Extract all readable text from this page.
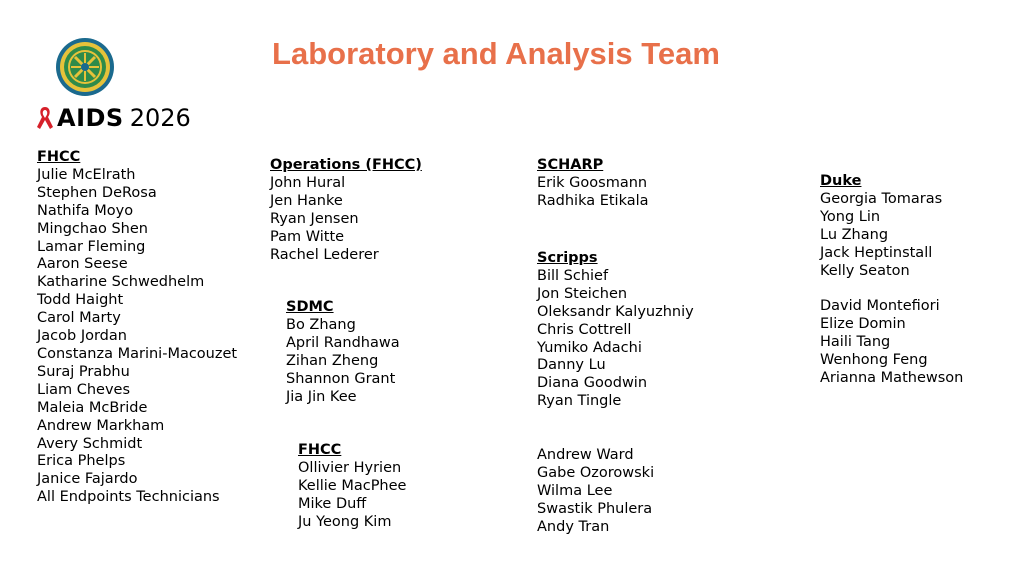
Laboratory and Analysis Team
AIDS 2026
FHCC
Julie McElrath
Stephen DeRosa
Nathifa Moyo
Mingchao Shen
Lamar Fleming
Aaron Seese
Katharine Schwedhelm
Todd Haight
Carol Marty
Jacob Jordan
Constanza Marini-Macouzet
Suraj Prabhu
Liam Cheves
Maleia McBride
Andrew Markham
Avery Schmidt
Erica Phelps
Janice Fajardo
All Endpoints Technicians
Operations (FHCC)
John Hural
Jen Hanke
Ryan Jensen
Pam Witte
Rachel Lederer
SDMC
Bo Zhang
April Randhawa
Zihan Zheng
Shannon Grant
Jia Jin Kee
FHCC
Ollivier Hyrien
Kellie MacPhee
Mike Duff
Ju Yeong Kim
SCHARP
Erik Goosmann
Radhika Etikala
Scripps
Bill Schief
Jon Steichen
Oleksandr Kalyuzhniy
Chris Cottrell
Yumiko Adachi
Danny Lu
Diana Goodwin
Ryan Tingle
Andrew Ward
Gabe Ozorowski
Wilma Lee
Swastik Phulera
Andy Tran
Duke
Georgia Tomaras
Yong Lin
Lu Zhang
Jack Heptinstall
Kelly Seaton
David Montefiori
Elize Domin
Haili Tang
Wenhong Feng
Arianna Mathewson
